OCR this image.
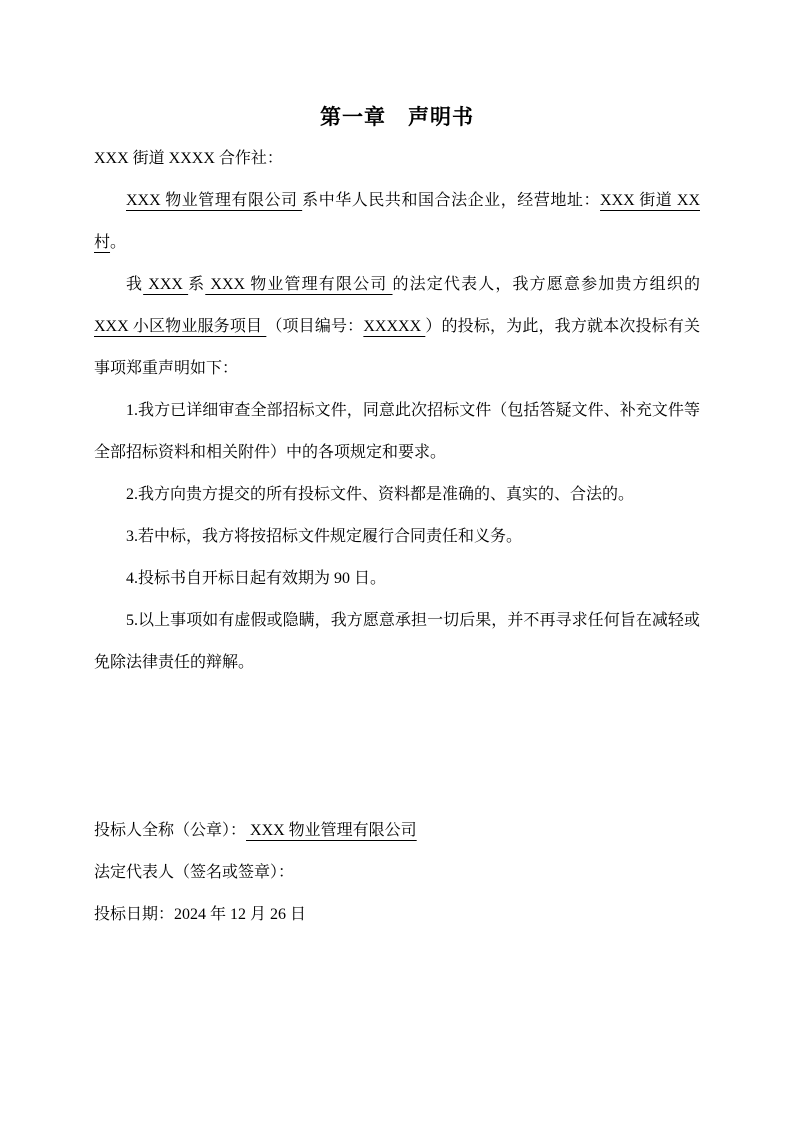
第一章　声明书

XXX 街道 XXXX 合作社：

XXX 物业管理有限公司 系中华人民共和国合法企业，经营地址：XXX 街道 XX 村。

我 XXX 系 XXX 物业管理有限公司 的法定代表人，我方愿意参加贵方组织的 XXX 小区物业服务项目 （项目编号：XXXXX ）的投标，为此，我方就本次投标有关事项郑重声明如下：

1.我方已详细审查全部招标文件，同意此次招标文件（包括答疑文件、补充文件等全部招标资料和相关附件）中的各项规定和要求。

2.我方向贵方提交的所有投标文件、资料都是准确的、真实的、合法的。

3.若中标，我方将按招标文件规定履行合同责任和义务。

4.投标书自开标日起有效期为 90 日。

5.以上事项如有虚假或隐瞒，我方愿意承担一切后果，并不再寻求任何旨在减轻或免除法律责任的辩解。

投标人全称（公章）： XXX 物业管理有限公司

法定代表人（签名或签章）：

投标日期：2024 年 12 月 26 日
